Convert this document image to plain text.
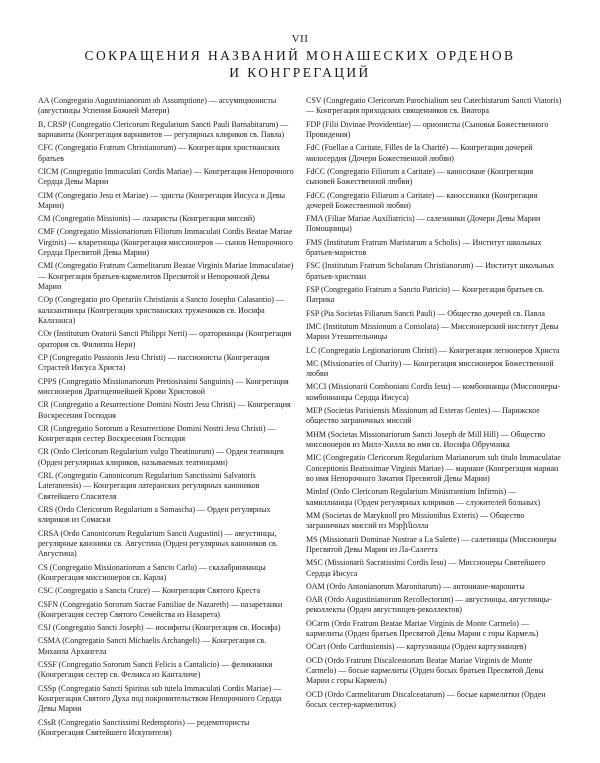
VII
СОКРАЩЕНИЯ НАЗВАНИЙ МОНАШЕСКИХ ОРДЕНОВ
И КОНГРЕГАЦИЙ

AA (Congregatio Augustinianorum ab Assumptione) — ассумпционисты (августинцы Успения Божией Матери)

B, CRSP (Congregatio Clericorum Regularium Sancti Pauli Barnabitarum) — варнавиты (Конгрегация варнавитов — регулярных клириков св. Павла)

CFC (Congregatio Fratrum Christianorum) — Конгрегация христианских братьев

CICM (Congregatio Immaculati Cordis Mariae) — Конгрегация Непорочного Сердца Девы Марии

CIM (Congregatio Jesu et Mariae) — эдисты (Конгрегация Иисуса и Девы Марии)

CM (Congregatio Missionis) — лазаристы (Конгрегация миссий)

CMF (Congregatio Missionariorum Filiorum Immaculati Cordis Beatae Mariae Virginis) — кларетинцы (Конгрегация миссионеров — сынов Непорочного Сердца Пресвятой Девы Марии)

CMI (Congregatio Fratrum Carmelitarum Beatae Virginis Mariae Immaculatae) — Конгрегация братьев-кармелитов Пресвятой и Непорочной Девы Марии

COp (Congregatio pro Operariis Christianis a Sancto Josepho Calasantio) — калазантинцы (Конгрегация христианских тружеников св. Иосифа Калазанса)

COr (Institutum Oratorii Sancti Philippi Nerii) — ораторианцы (Конгрегация оратория св. Филиппа Нери)

CP (Congregatio Passionis Jesu Christi) — пассионисты (Конгрегация Страстей Иисуса Христа)

CPPS (Congregatio Missionariorum Pretiosissimi Sanguinis) — Конгрегация миссионеров Драгоценнейшей Крови Христовой

CR (Congregatio a Resurrectione Domini Nostri Jesu Christi) — Конгрегация Воскресения Господня

CR (Congregatio Sororum a Resurrectione Domini Nostri Jesu Christi) — Конгрегация сестер Воскресения Господня

CR (Ordo Clericorum Regularium vulgo Theatinorum) — Орден театинцев (Орден регулярных клириков, называемых театинцами)

CRL (Congregatio Canonicorum Regularium Sanctissimi Salvatoris Lateranensis) — Конгрегация латеранских регулярных каноников Святейшего Спасителя

CRS (Ordo Clericorum Regularium a Somascha) — Орден регулярных клириков из Сомаски

CRSA (Ordo Canonicorum Regularium Sancti Augustini) — августинцы, регулярные каноники св. Августина (Орден регулярных каноников св. Августина)

CS (Congregatio Missionariorum a Sancto Carlo) — скалабринианцы (Конгрегация миссионеров св. Карла)

CSC (Congregatio a Sancta Cruce) — Конгрегация Святого Креста

CSFN (Congregatio Sororum Sacrae Familiae de Nazareth) — назаретанки (Конгрегация сестер Святого Семейства из Назарета)

CSJ (Congregatio Sancti Joseph) — иосифиты (Конгрегация св. Иосифа)

CSMA (Congregatio Sancti Michaelis Archangeli) — Конгрегация св. Михаила Архангела

CSSF (Congregatio Sororum Sancti Felicis a Cantalicio) — феликианки (Конгрегация сестер св. Феликса из Канталиче)

CSSp (Congregatio Sancti Spiritus sub tutela Immaculati Cordis Mariae) — Конгрегация Святого Духа под покровительством Непорочного Сердца Девы Марии

CSsR (Congregatio Sanctissimi Redemptoris) — редемптористы (Конгрегация Святейшего Искупителя)

CSV (Congregatio Clericorum Parochialium seu Catechistarum Sancti Viatoris) — Конгрегация приходских священников св. Виатора

FDP (Filii Divinae Providentiae) — орионисты (Сыновья Божественного Провидения)

FdC (Fuellae a Caritate, Filles de la Charité) — Конгрегация дочерей милосердия (Дочери Божественной любви)

FdCC (Congregatio Filiorum a Caritate) — каноссиане (Конгрегация сыновей Божественной любви)

FdCC (Congregatio Filiarum a Caritate) — каноссианки (Конгрегация дочерей Божественной любви)

FMA (Filiae Mariae Auxiliatricis) — салезианки (Дочери Девы Марии Помощницы)

FMS (Institutum Fratrum Maristarum a Scholis) — Институт школьных братьев-маристов

FSC (Institutum Fratrum Scholarum Christianorum) — Институт школьных братьев-христиан

FSP (Congregatio Fratrum a Sancto Patricio) — Конгрегация братьев св. Патрика

FSP (Pia Societas Filiarum Sancti Pauli) — Общество дочерей св. Павла

IMC (Institutum Missionum a Consolata) — Миссионерский институт Девы Марии Утешительницы

LC (Congregatio Legionariorum Christi) — Конгрегация легионеров Христа

MC (Missionaries of Charity) — Конгрегация миссионерок Божественной любви

MCCI (Missionarii Comboniani Cordis Iesu) — комбонианцы (Миссионеры-комбонианцы Сердца Иисуса)

MEP (Societas Parisiensis Missionum ad Exteras Gentes) — Парижское общество заграничных миссий

MHM (Societas Missionariorum Sancti Joseph de Mill Hill) — Общество миссионеров из Милл-Хилла во имя св. Иосифа Обручника

MIC (Congregatio Clericorum Regularium Marianorum sub titulo Immaculatae Conceptionis Beatissimae Virginis Mariae) — марианe (Конгрегация мариан во имя Непорочного Зачатия Пресвятой Девы Марии)

MinInf (Ordo Clericorum Regularium Ministrantium Infirmis) — камиллианцы (Орден регулярных клириков — служителей больных)

MM (Societas de Maryknoll pro Missionibus Exteris) — Общество заграничных миссий из Мэрինолла

MS (Missionarii Dominae Nostrae a La Salette) — салетинцы (Миссионеры Пресвятой Девы Марии из Ла-Салетта

MSC (Missionarii Sacratissimi Cordis Iesu) — Миссионеры Святейшего Сердца Иисуса

OAM (Ordo Antonianorum Maronitarum) — антониане-марониты

OAR (Ordo Augustinianorum Recollectorum) — августинцы, августинцы-реколлекты (Орден августинцев-реколлектов)

OCarm (Ordo Fratrum Beatae Mariae Virginis de Monte Carmelo) — кармелиты (Орден братьев Пресвятой Девы Марии с горы Кармель)

OCart (Ordo Carthusiensis) — картузианцы (Орден картузианцев)

OCD (Ordo Fratrum Discalceatorum Beatae Mariae Virginis de Monte Carmelo) — босые кармелиты (Орден босых братьев Пресвятой Девы Марии с горы Кармель)

OCD (Ordo Carmelitarum Discalceatarum) — босые кармелитки (Орден босых сестер-кармелиток)
